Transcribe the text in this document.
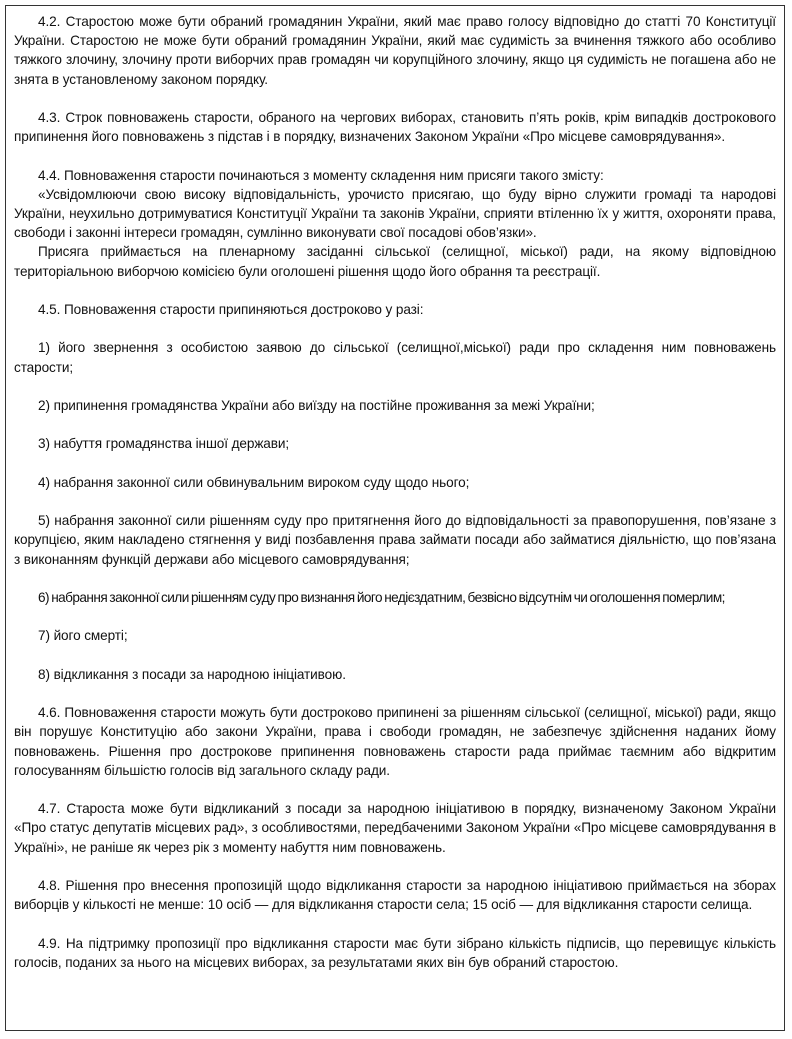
4.2. Старостою може бути обраний громадянин України, який має право голосу відповідно до статті 70 Конституції України. Старостою не може бути обраний громадянин України, який має судимість за вчинення тяжкого або особливо тяжкого злочину, злочину проти виборчих прав громадян чи корупційного злочину, якщо ця судимість не погашена або не знята в установленому законом порядку.

4.3. Строк повноважень старости, обраного на чергових виборах, становить п’ять років, крім випадків дострокового припинення його повноважень з підстав і в порядку, визначених Законом України «Про місцеве самоврядування».

4.4. Повноваження старости починаються з моменту складення ним присяги такого змісту:

«Усвідомлюючи свою високу відповідальність, урочисто присягаю, що буду вірно служити громаді та народові України, неухильно дотримуватися Конституції України та законів України, сприяти втіленню їх у життя, охороняти права, свободи і законні інтереси громадян, сумлінно виконувати свої посадові обов’язки».

Присяга приймається на пленарному засіданні сільської (селищної, міської) ради, на якому відповідною територіальною виборчою комісією були оголошені рішення щодо його обрання та реєстрації.

4.5. Повноваження старости припиняються достроково у разі:

1) його звернення з особистою заявою до сільської (селищної,міської) ради про складення ним повноважень старости;

2) припинення громадянства України або виїзду на постійне проживання за межі України;

3) набуття громадянства іншої держави;

4) набрання законної сили обвинувальним вироком суду щодо нього;

5) набрання законної сили рішенням суду про притягнення його до відповідальності за правопорушення, пов’язане з корупцією, яким накладено стягнення у виді позбавлення права займати посади або займатися діяльністю, що пов’язана з виконанням функцій держави або місцевого самоврядування;

6) набрання законної сили рішенням суду про визнання його недієздатним, безвісно відсутнім чи оголошення померлим;

7) його смерті;

8) відкликання з посади за народною ініціативою.

4.6. Повноваження старости можуть бути достроково припинені за рішенням сільської (селищної, міської) ради, якщо він порушує Конституцію або закони України, права і свободи громадян, не забезпечує здійснення наданих йому повноважень. Рішення про дострокове припинення повноважень старости рада приймає таємним або відкритим голосуванням більшістю голосів від загального складу ради.

4.7. Староста може бути відкликаний з посади за народною ініціативою в порядку, визначеному Законом України «Про статус депутатів місцевих рад», з особливостями, передбаченими Законом України «Про місцеве самоврядування в Україні», не раніше як через рік з моменту набуття ним повноважень.

4.8. Рішення про внесення пропозицій щодо відкликання старости за народною ініціативою приймається на зборах виборців у кількості не менше: 10 осіб — для відкликання старости села; 15 осіб — для відкликання старости селища.

4.9. На підтримку пропозиції про відкликання старости має бути зібрано кількість підписів, що перевищує кількість голосів, поданих за нього на місцевих виборах, за результатами яких він був обраний старостою.
